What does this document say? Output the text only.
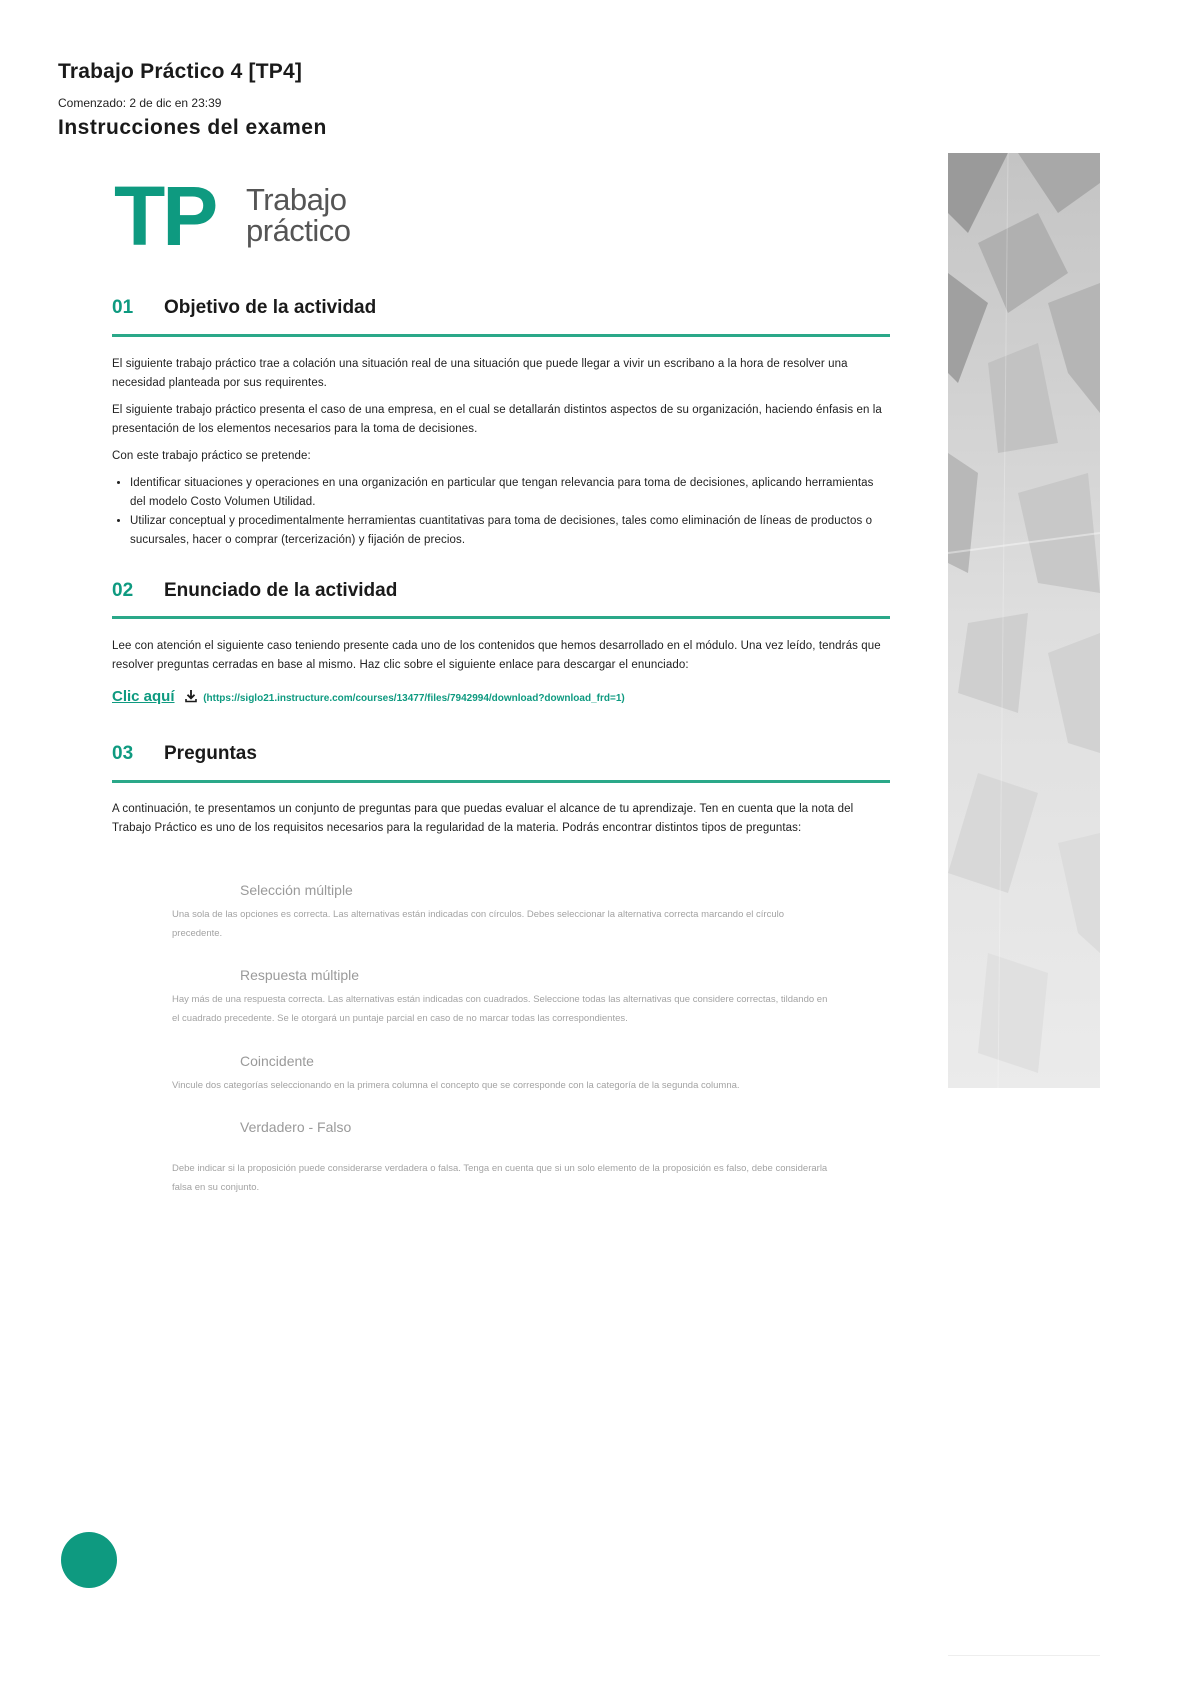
Trabajo Práctico 4 [TP4]
Comenzado: 2 de dic en 23:39
Instrucciones del examen
TP Trabajo
práctico
01 Objetivo de la actividad

El siguiente trabajo práctico trae a colación una situación real de una situación que puede llegar a vivir un escribano a la hora de resolver una necesidad planteada por sus requirentes.

El siguiente trabajo práctico presenta el caso de una empresa, en el cual se detallarán distintos aspectos de su organización, haciendo énfasis en la presentación de los elementos necesarios para la toma de decisiones.

Con este trabajo práctico se pretende:

• Identificar situaciones y operaciones en una organización en particular que tengan relevancia para toma de decisiones, aplicando herramientas del modelo Costo Volumen Utilidad.
• Utilizar conceptual y procedimentalmente herramientas cuantitativas para toma de decisiones, tales como eliminación de líneas de productos o sucursales, hacer o comprar (tercerización) y fijación de precios.
02 Enunciado de la actividad

Lee con atención el siguiente caso teniendo presente cada uno de los contenidos que hemos desarrollado en el módulo. Una vez leído, tendrás que resolver preguntas cerradas en base al mismo. Haz clic sobre el siguiente enlace para descargar el enunciado:

Clic aquí	(https://siglo21.instructure.com/courses/13477/files/7942994/download?download_frd=1)
03 Preguntas

A continuación, te presentamos un conjunto de preguntas para que puedas evaluar el alcance de tu aprendizaje. Ten en cuenta que la nota del Trabajo Práctico es uno de los requisitos necesarios para la regularidad de la materia. Podrás encontrar distintos tipos de preguntas:

Selección múltiple
Una sola de las opciones es correcta. Las alternativas están indicadas con círculos. Debes seleccionar la alternativa correcta marcando el círculo precedente.
Respuesta múltiple
Hay más de una respuesta correcta. Las alternativas están indicadas con cuadrados. Seleccione todas las alternativas que considere correctas, tildando en el cuadrado precedente. Se le otorgará un puntaje parcial en caso de no marcar todas las correspondientes.
Coincidente
Vincule dos categorías seleccionando en la primera columna el concepto que se corresponde con la categoría de la segunda columna.
Verdadero - Falso
Debe indicar si la proposición puede considerarse verdadera o falsa. Tenga en cuenta que si un solo elemento de la proposición es falso, debe considerarla falsa en su conjunto.
